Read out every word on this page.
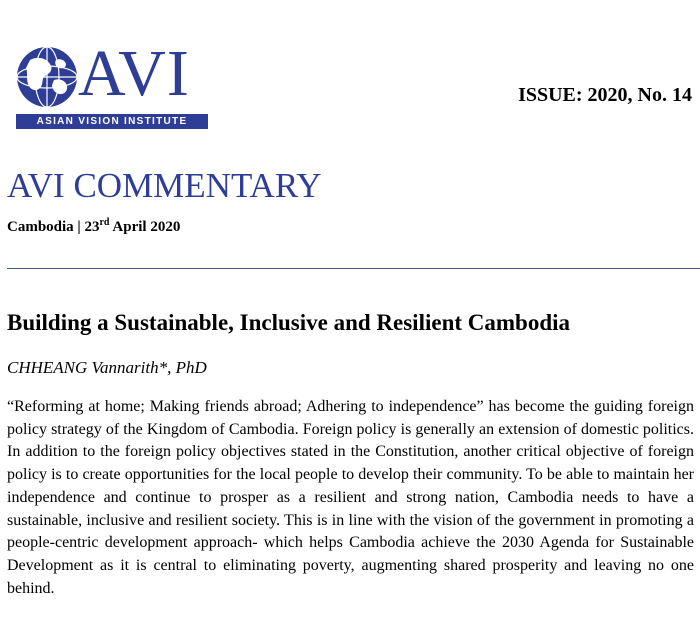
AVI
ASIAN VISION INSTITUTE
ISSUE: 2020, No. 14
AVI COMMENTARY
Cambodia | 23rd April 2020
Building a Sustainable, Inclusive and Resilient Cambodia
CHHEANG Vannarith*, PhD

“Reforming at home; Making friends abroad; Adhering to independence” has become the guiding foreign policy strategy of the Kingdom of Cambodia. Foreign policy is generally an extension of domestic politics. In addition to the foreign policy objectives stated in the Constitution, another critical objective of foreign policy is to create opportunities for the local people to develop their community. To be able to maintain her independence and continue to prosper as a resilient and strong nation, Cambodia needs to have a sustainable, inclusive and resilient society. This is in line with the vision of the government in promoting a people-centric development approach- which helps Cambodia achieve the 2030 Agenda for Sustainable Development as it is central to eliminating poverty, augmenting shared prosperity and leaving no one behind.
